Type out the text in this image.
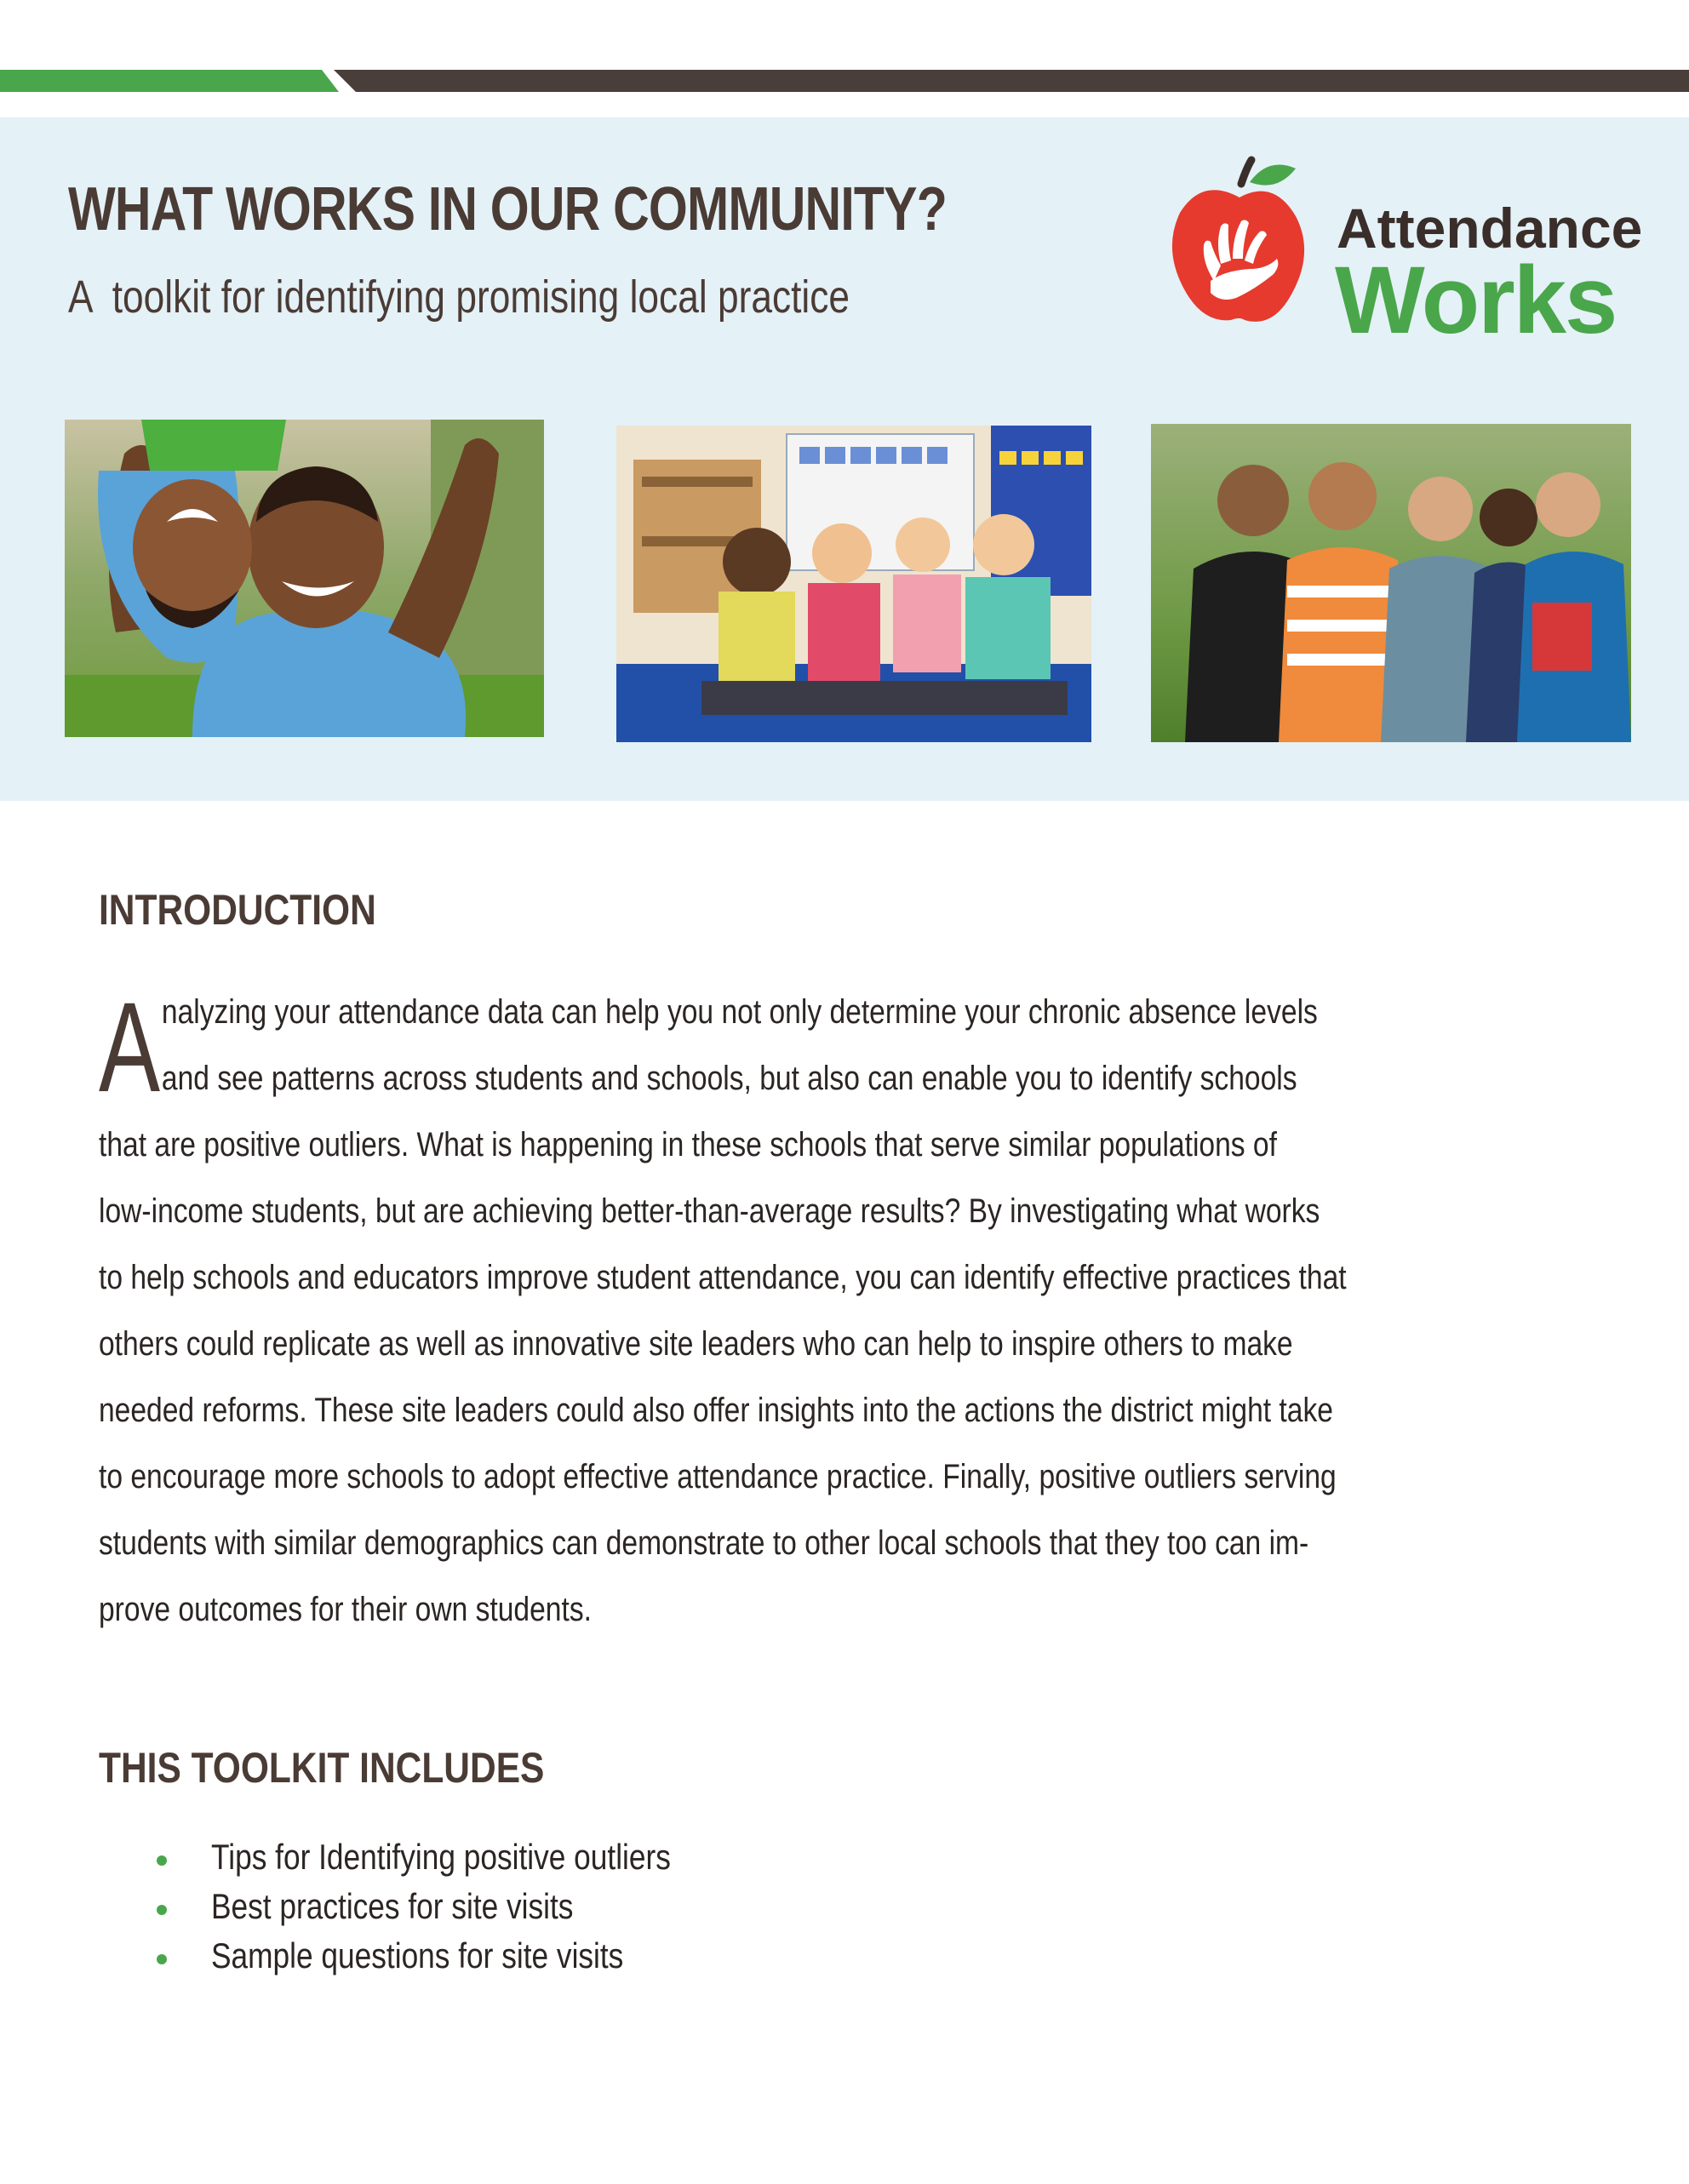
WHAT WORKS IN OUR COMMUNITY?
A  toolkit for identifying promising local practice
Attendance
Works
INTRODUCTION
A nalyzing your attendance data can help you not only determine your chronic absence levels
and see patterns across students and schools, but also can enable you to identify schools
that are positive outliers. What is happening in these schools that serve similar populations of
low-income students, but are achieving better-than-average results? By investigating what works
to help schools and educators improve student attendance, you can identify effective practices that
others could replicate as well as innovative site leaders who can help to inspire others to make
needed reforms. These site leaders could also offer insights into the actions the district might take
to encourage more schools to adopt effective attendance practice. Finally, positive outliers serving
students with similar demographics can demonstrate to other local schools that they too can im-
prove outcomes for their own students.
THIS TOOLKIT INCLUDES
Tips for Identifying positive outliers
Best practices for site visits
Sample questions for site visits
